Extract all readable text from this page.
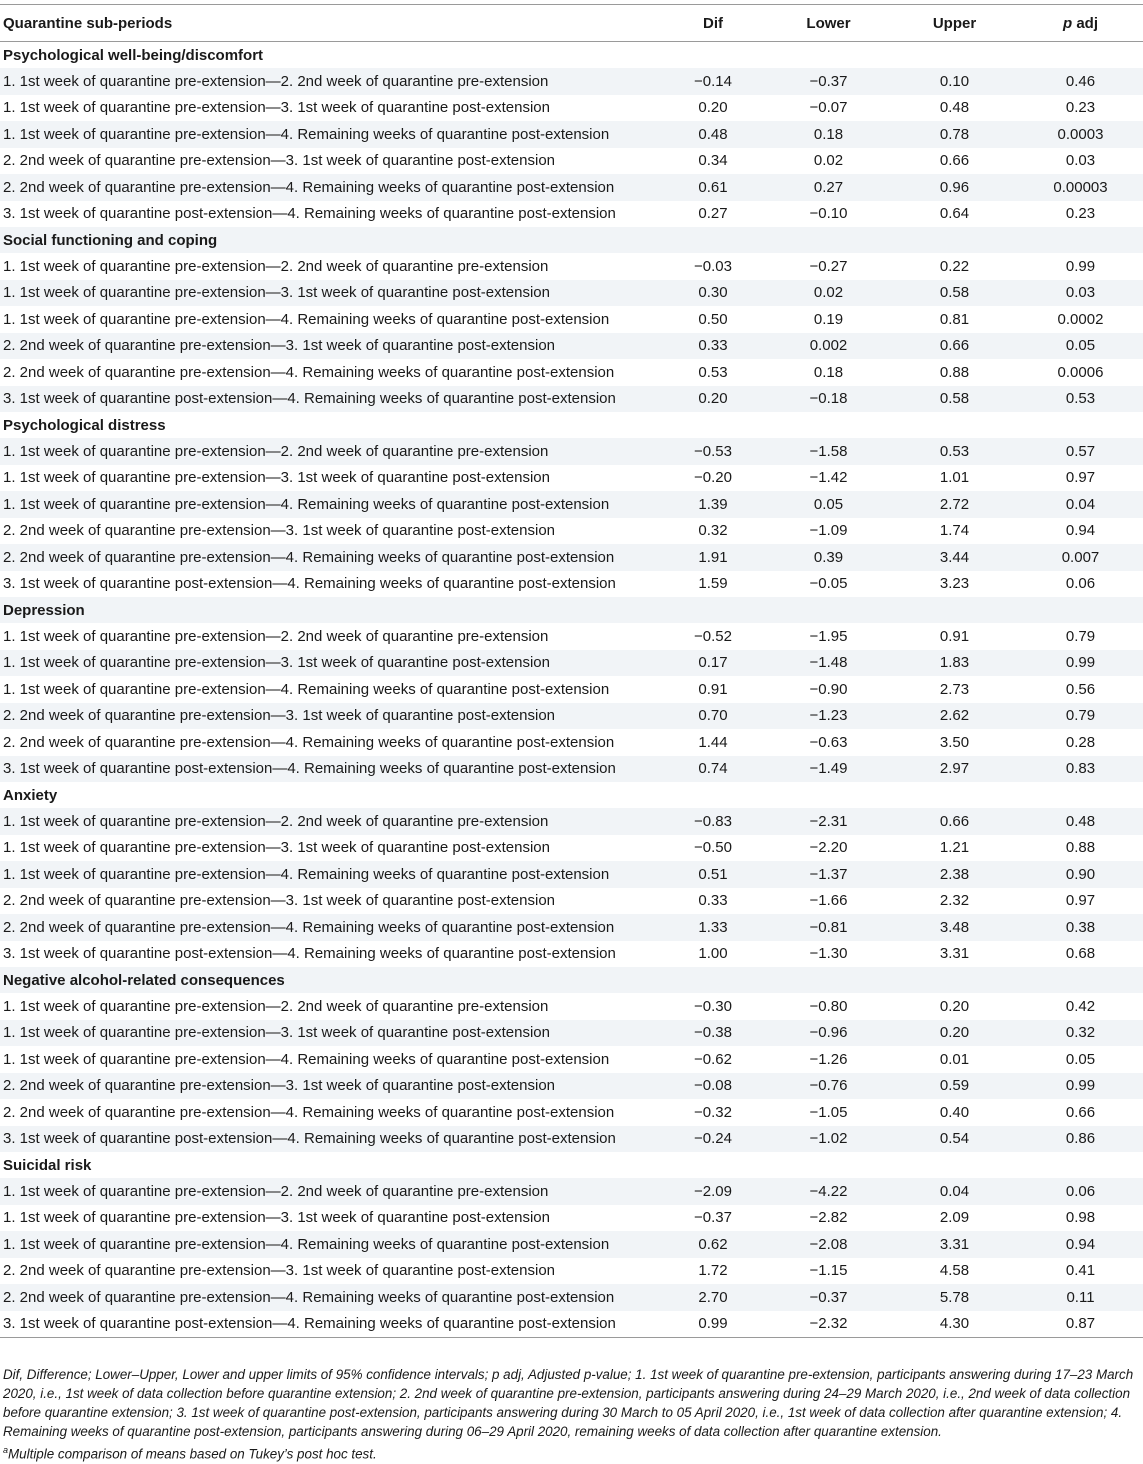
Quarantine sub-periods	Dif	Lower	Upper	p adj
Psychological well-being/discomfort				
1. 1st week of quarantine pre-extension—2. 2nd week of quarantine pre-extension	−0.14	−0.37	0.10	0.46
1. 1st week of quarantine pre-extension—3. 1st week of quarantine post-extension	0.20	−0.07	0.48	0.23
1. 1st week of quarantine pre-extension—4. Remaining weeks of quarantine post-extension	0.48	0.18	0.78	0.0003
2. 2nd week of quarantine pre-extension—3. 1st week of quarantine post-extension	0.34	0.02	0.66	0.03
2. 2nd week of quarantine pre-extension—4. Remaining weeks of quarantine post-extension	0.61	0.27	0.96	0.00003
3. 1st week of quarantine post-extension—4. Remaining weeks of quarantine post-extension	0.27	−0.10	0.64	0.23
Social functioning and coping				
1. 1st week of quarantine pre-extension—2. 2nd week of quarantine pre-extension	−0.03	−0.27	0.22	0.99
1. 1st week of quarantine pre-extension—3. 1st week of quarantine post-extension	0.30	0.02	0.58	0.03
1. 1st week of quarantine pre-extension—4. Remaining weeks of quarantine post-extension	0.50	0.19	0.81	0.0002
2. 2nd week of quarantine pre-extension—3. 1st week of quarantine post-extension	0.33	0.002	0.66	0.05
2. 2nd week of quarantine pre-extension—4. Remaining weeks of quarantine post-extension	0.53	0.18	0.88	0.0006
3. 1st week of quarantine post-extension—4. Remaining weeks of quarantine post-extension	0.20	−0.18	0.58	0.53
Psychological distress				
1. 1st week of quarantine pre-extension—2. 2nd week of quarantine pre-extension	−0.53	−1.58	0.53	0.57
1. 1st week of quarantine pre-extension—3. 1st week of quarantine post-extension	−0.20	−1.42	1.01	0.97
1. 1st week of quarantine pre-extension—4. Remaining weeks of quarantine post-extension	1.39	0.05	2.72	0.04
2. 2nd week of quarantine pre-extension—3. 1st week of quarantine post-extension	0.32	−1.09	1.74	0.94
2. 2nd week of quarantine pre-extension—4. Remaining weeks of quarantine post-extension	1.91	0.39	3.44	0.007
3. 1st week of quarantine post-extension—4. Remaining weeks of quarantine post-extension	1.59	−0.05	3.23	0.06
Depression				
1. 1st week of quarantine pre-extension—2. 2nd week of quarantine pre-extension	−0.52	−1.95	0.91	0.79
1. 1st week of quarantine pre-extension—3. 1st week of quarantine post-extension	0.17	−1.48	1.83	0.99
1. 1st week of quarantine pre-extension—4. Remaining weeks of quarantine post-extension	0.91	−0.90	2.73	0.56
2. 2nd week of quarantine pre-extension—3. 1st week of quarantine post-extension	0.70	−1.23	2.62	0.79
2. 2nd week of quarantine pre-extension—4. Remaining weeks of quarantine post-extension	1.44	−0.63	3.50	0.28
3. 1st week of quarantine post-extension—4. Remaining weeks of quarantine post-extension	0.74	−1.49	2.97	0.83
Anxiety				
1. 1st week of quarantine pre-extension—2. 2nd week of quarantine pre-extension	−0.83	−2.31	0.66	0.48
1. 1st week of quarantine pre-extension—3. 1st week of quarantine post-extension	−0.50	−2.20	1.21	0.88
1. 1st week of quarantine pre-extension—4. Remaining weeks of quarantine post-extension	0.51	−1.37	2.38	0.90
2. 2nd week of quarantine pre-extension—3. 1st week of quarantine post-extension	0.33	−1.66	2.32	0.97
2. 2nd week of quarantine pre-extension—4. Remaining weeks of quarantine post-extension	1.33	−0.81	3.48	0.38
3. 1st week of quarantine post-extension—4. Remaining weeks of quarantine post-extension	1.00	−1.30	3.31	0.68
Negative alcohol-related consequences				
1. 1st week of quarantine pre-extension—2. 2nd week of quarantine pre-extension	−0.30	−0.80	0.20	0.42
1. 1st week of quarantine pre-extension—3. 1st week of quarantine post-extension	−0.38	−0.96	0.20	0.32
1. 1st week of quarantine pre-extension—4. Remaining weeks of quarantine post-extension	−0.62	−1.26	0.01	0.05
2. 2nd week of quarantine pre-extension—3. 1st week of quarantine post-extension	−0.08	−0.76	0.59	0.99
2. 2nd week of quarantine pre-extension—4. Remaining weeks of quarantine post-extension	−0.32	−1.05	0.40	0.66
3. 1st week of quarantine post-extension—4. Remaining weeks of quarantine post-extension	−0.24	−1.02	0.54	0.86
Suicidal risk				
1. 1st week of quarantine pre-extension—2. 2nd week of quarantine pre-extension	−2.09	−4.22	0.04	0.06
1. 1st week of quarantine pre-extension—3. 1st week of quarantine post-extension	−0.37	−2.82	2.09	0.98
1. 1st week of quarantine pre-extension—4. Remaining weeks of quarantine post-extension	0.62	−2.08	3.31	0.94
2. 2nd week of quarantine pre-extension—3. 1st week of quarantine post-extension	1.72	−1.15	4.58	0.41
2. 2nd week of quarantine pre-extension—4. Remaining weeks of quarantine post-extension	2.70	−0.37	5.78	0.11
3. 1st week of quarantine post-extension—4. Remaining weeks of quarantine post-extension	0.99	−2.32	4.30	0.87
Dif, Difference; Lower–Upper, Lower and upper limits of 95% confidence intervals; p adj, Adjusted p-value; 1. 1st week of quarantine pre-extension, participants answering during 17–23 March 2020, i.e., 1st week of data collection before quarantine extension; 2. 2nd week of quarantine pre-extension, participants answering during 24–29 March 2020, i.e., 2nd week of data collection before quarantine extension; 3. 1st week of quarantine post-extension, participants answering during 30 March to 05 April 2020, i.e., 1st week of data collection after quarantine extension; 4. Remaining weeks of quarantine post-extension, participants answering during 06–29 April 2020, remaining weeks of data collection after quarantine extension.
$^a$Multiple comparison of means based on Tukey’s post hoc test.
